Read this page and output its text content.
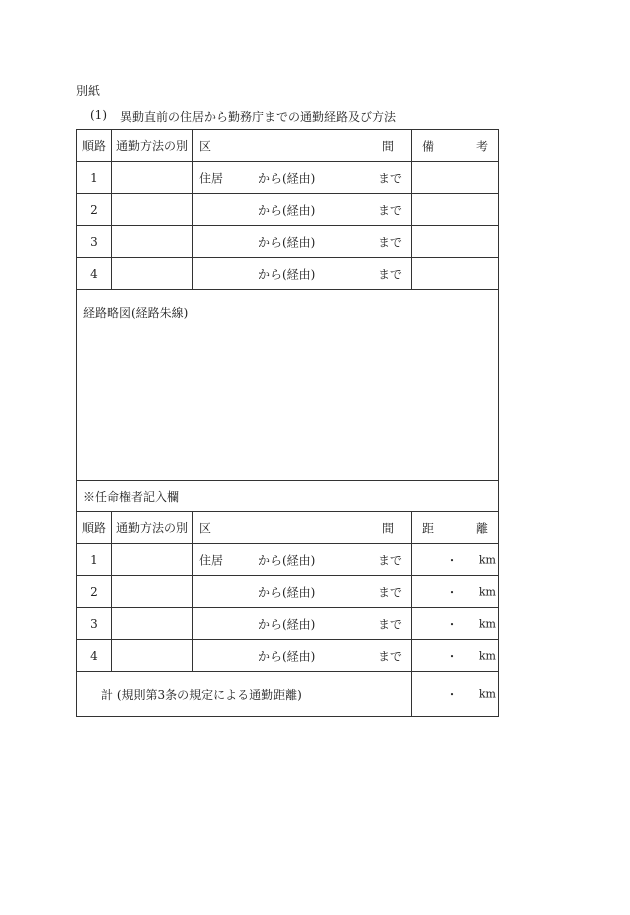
別紙
(1) 異動直前の住居から勤務庁までの通勤経路及び方法
順路	通勤方法の別	区 間	備 考

1		住居 から(経由) まで	

2		から(経由) まで	

3		から(経由) まで	

4		から(経由) まで	

経路略図(経路朱線)			

※任命権者記入欄			
順路	通勤方法の別	区 間	距 離

1		住居 から(経由) まで	・ km

2		から(経由) まで	・ km

3		から(経由) まで	・ km

4		から(経由) まで	・ km

計 (規則第3条の規定による通勤距離)			・ km
